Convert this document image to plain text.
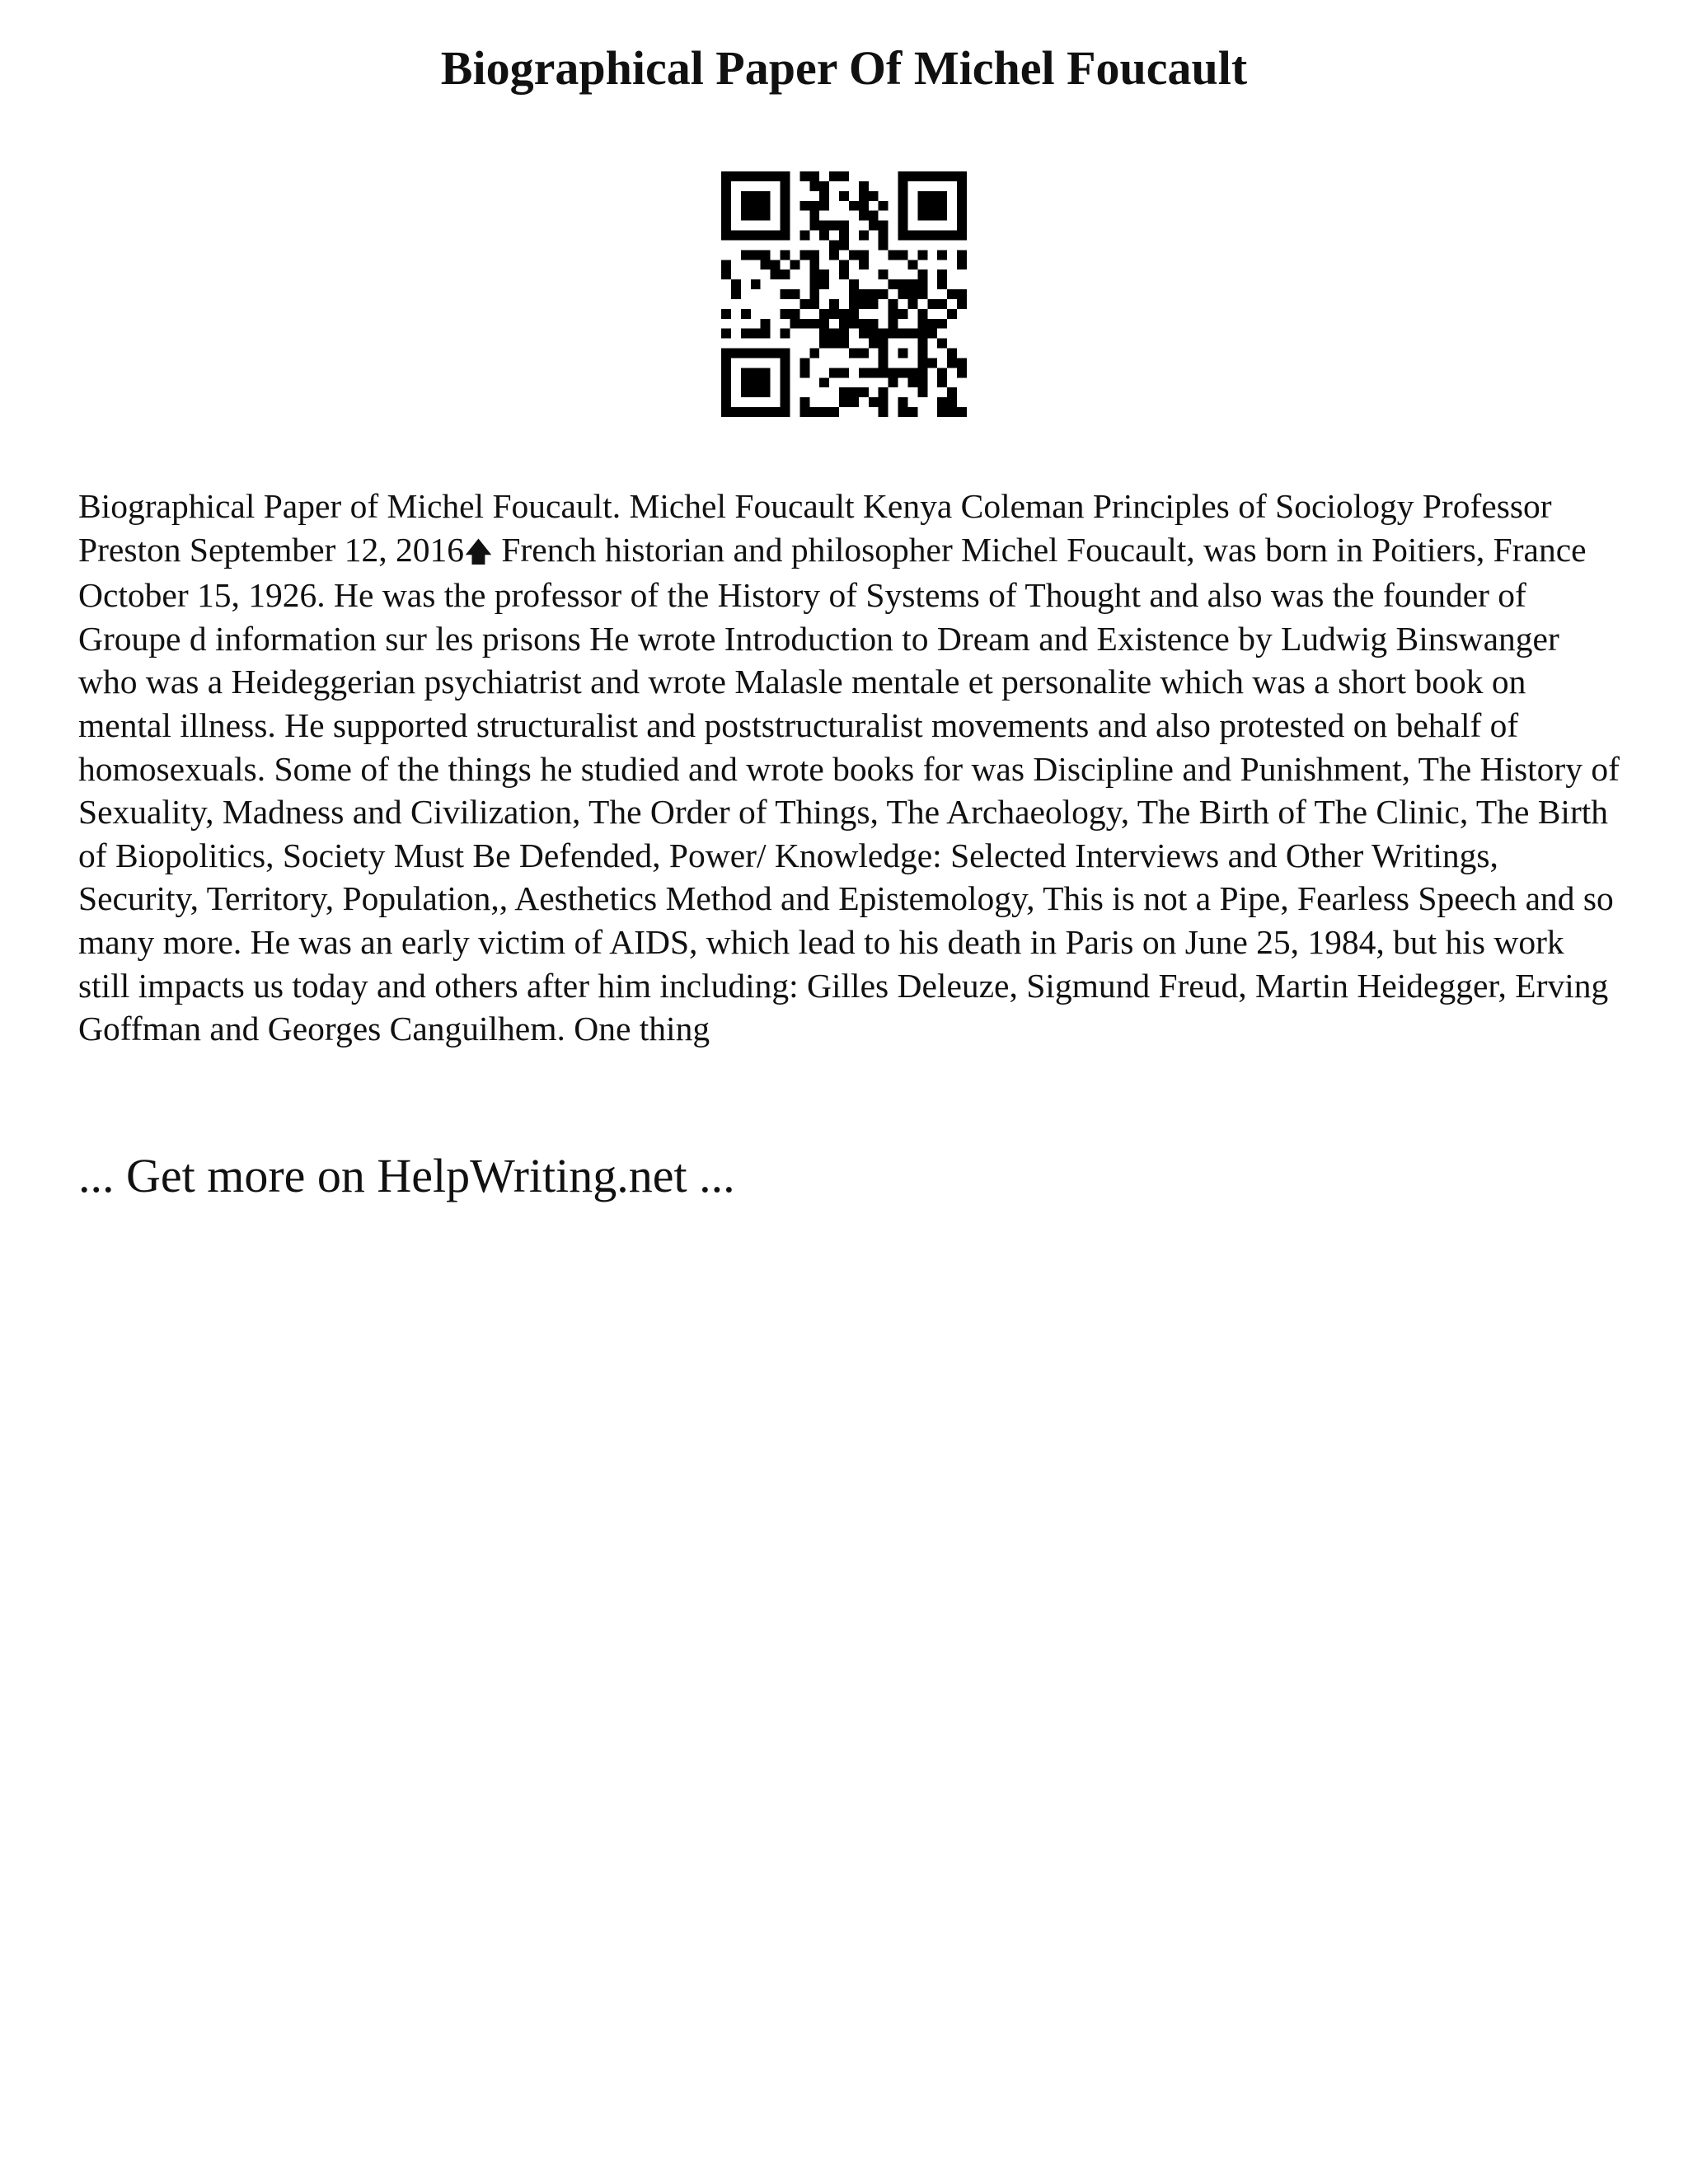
Biographical Paper Of Michel Foucault

Biographical Paper of Michel Foucault. Michel Foucault Kenya Coleman Principles of Sociology Professor Preston September 12, 2016🡅 French historian and philosopher Michel Foucault, was born in Poitiers, France October 15, 1926. He was the professor of the History of Systems of Thought and also was the founder of Groupe d information sur les prisons He wrote Introduction to Dream and Existence by Ludwig Binswanger who was a Heideggerian psychiatrist and wrote Malasle mentale et personalite which was a short book on mental illness. He supported structuralist and poststructuralist movements and also protested on behalf of homosexuals. Some of the things he studied and wrote books for was Discipline and Punishment, The History of Sexuality, Madness and Civilization, The Order of Things, The Archaeology, The Birth of The Clinic, The Birth of Biopolitics, Society Must Be Defended, Power/ Knowledge: Selected Interviews and Other Writings, Security, Territory, Population,, Aesthetics Method and Epistemology, This is not a Pipe, Fearless Speech and so many more. He was an early victim of AIDS, which lead to his death in Paris on June 25, 1984, but his work still impacts us today and others after him including: Gilles Deleuze, Sigmund Freud, Martin Heidegger, Erving Goffman and Georges Canguilhem. One thing

... Get more on HelpWriting.net ...
